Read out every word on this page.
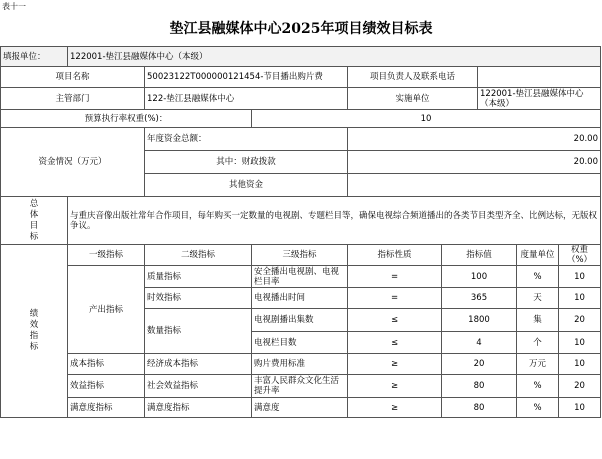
表十一
垫江县融媒体中心2025年项目绩效目标表
填报单位：	122001-垫江县融媒体中心（本级）							
项目名称		50023122T000000121454-节目播出购片费		项目负责人及联系电话				
主管部门		122-垫江县融媒体中心		实施单位		122001-垫江县融媒体中心（本级）		
预算执行率权重(%)：			10					
资金情况（万元）		年度资金总额：		20.00				
		其中：财政拨款		20.00				
		其他资金						

总体目标	与重庆音像出版社常年合作项目，每年购买一定数量的电视剧、专题栏目等，确保电视综合频道播出的各类节目类型齐全、比例达标，无版权争议。							

绩效指标	一级指标	二级指标	三级指标	指标性质	指标值		度量单位	权重（%）
	产出指标	质量指标	安全播出电视剧、电视栏目率	=	100		%	10
		时效指标	电视播出时间	=	365		天	10
		数量指标	电视剧播出集数	≤	1800		集	20
			电视栏目数	≤	4		个	10
	成本指标	经济成本指标	购片费用标准	≥	20		万元	10
	效益指标	社会效益指标	丰富人民群众文化生活提升率	≥	80		%	20
	满意度指标	满意度指标	满意度	≥	80		%	10
